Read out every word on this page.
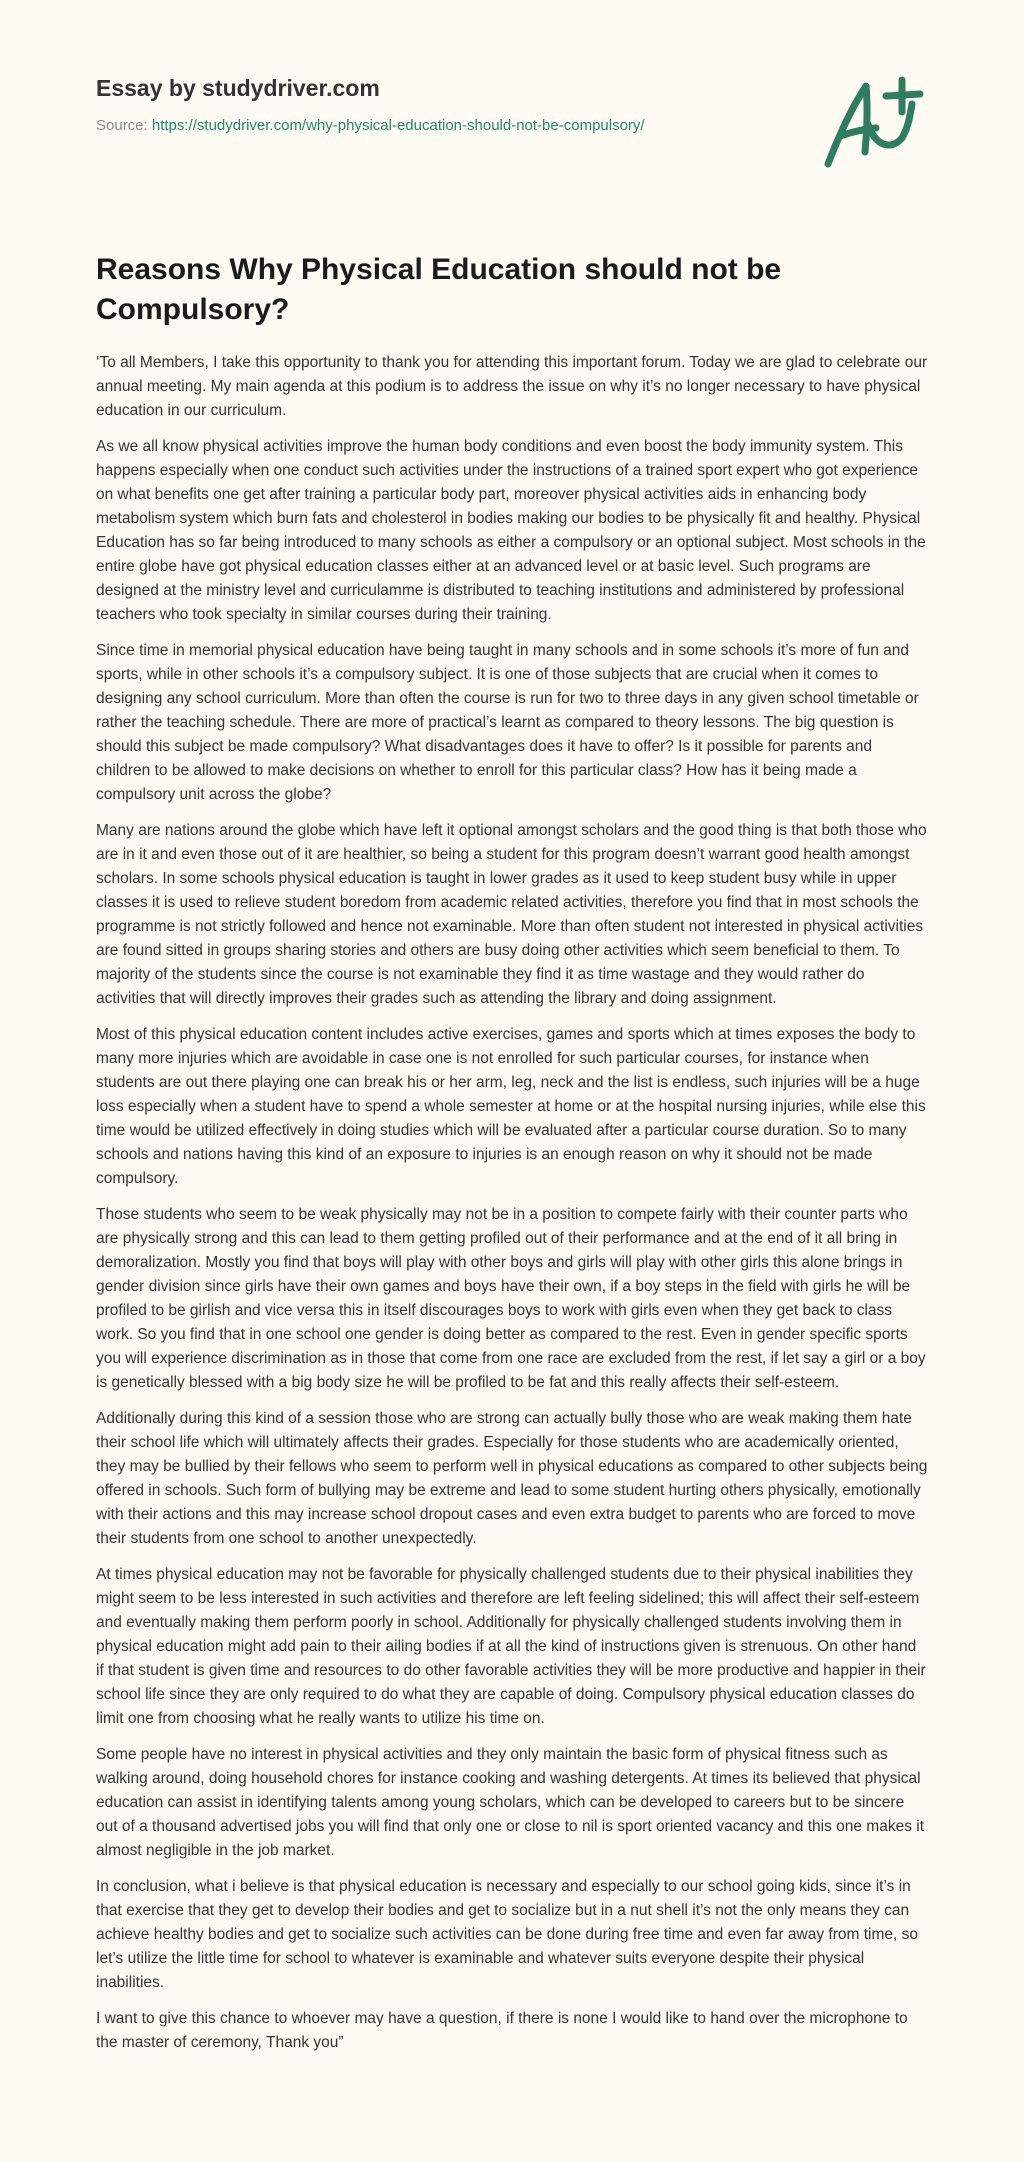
Essay by studydriver.com
Source: https://studydriver.com/why-physical-education-should-not-be-compulsory/
Reasons Why Physical Education should not be Compulsory?

‘To all Members, I take this opportunity to thank you for attending this important forum. Today we are glad to celebrate our annual meeting. My main agenda at this podium is to address the issue on why it’s no longer necessary to have physical education in our curriculum.

As we all know physical activities improve the human body conditions and even boost the body immunity system. This happens especially when one conduct such activities under the instructions of a trained sport expert who got experience on what benefits one get after training a particular body part, moreover physical activities aids in enhancing body metabolism system which burn fats and cholesterol in bodies making our bodies to be physically fit and healthy. Physical Education has so far being introduced to many schools as either a compulsory or an optional subject. Most schools in the entire globe have got physical education classes either at an advanced level or at basic level. Such programs are designed at the ministry level and curriculamme is distributed to teaching institutions and administered by professional teachers who took specialty in similar courses during their training.

Since time in memorial physical education have being taught in many schools and in some schools it’s more of fun and sports, while in other schools it’s a compulsory subject. It is one of those subjects that are crucial when it comes to designing any school curriculum. More than often the course is run for two to three days in any given school timetable or rather the teaching schedule. There are more of practical’s learnt as compared to theory lessons. The big question is should this subject be made compulsory? What disadvantages does it have to offer? Is it possible for parents and children to be allowed to make decisions on whether to enroll for this particular class? How has it being made a compulsory unit across the globe?

Many are nations around the globe which have left it optional amongst scholars and the good thing is that both those who are in it and even those out of it are healthier, so being a student for this program doesn’t warrant good health amongst scholars. In some schools physical education is taught in lower grades as it used to keep student busy while in upper classes it is used to relieve student boredom from academic related activities, therefore you find that in most schools the programme is not strictly followed and hence not examinable. More than often student not interested in physical activities are found sitted in groups sharing stories and others are busy doing other activities which seem beneficial to them. To majority of the students since the course is not examinable they find it as time wastage and they would rather do activities that will directly improves their grades such as attending the library and doing assignment.

Most of this physical education content includes active exercises, games and sports which at times exposes the body to many more injuries which are avoidable in case one is not enrolled for such particular courses, for instance when students are out there playing one can break his or her arm, leg, neck and the list is endless, such injuries will be a huge loss especially when a student have to spend a whole semester at home or at the hospital nursing injuries, while else this time would be utilized effectively in doing studies which will be evaluated after a particular course duration. So to many schools and nations having this kind of an exposure to injuries is an enough reason on why it should not be made compulsory.

Those students who seem to be weak physically may not be in a position to compete fairly with their counter parts who are physically strong and this can lead to them getting profiled out of their performance and at the end of it all bring in demoralization. Mostly you find that boys will play with other boys and girls will play with other girls this alone brings in gender division since girls have their own games and boys have their own, if a boy steps in the field with girls he will be profiled to be girlish and vice versa this in itself discourages boys to work with girls even when they get back to class work. So you find that in one school one gender is doing better as compared to the rest. Even in gender specific sports you will experience discrimination as in those that come from one race are excluded from the rest, if let say a girl or a boy is genetically blessed with a big body size he will be profiled to be fat and this really affects their self-esteem.

Additionally during this kind of a session those who are strong can actually bully those who are weak making them hate their school life which will ultimately affects their grades. Especially for those students who are academically oriented, they may be bullied by their fellows who seem to perform well in physical educations as compared to other subjects being offered in schools. Such form of bullying may be extreme and lead to some student hurting others physically, emotionally with their actions and this may increase school dropout cases and even extra budget to parents who are forced to move their students from one school to another unexpectedly.

At times physical education may not be favorable for physically challenged students due to their physical inabilities they might seem to be less interested in such activities and therefore are left feeling sidelined; this will affect their self-esteem and eventually making them perform poorly in school. Additionally for physically challenged students involving them in physical education might add pain to their ailing bodies if at all the kind of instructions given is strenuous. On other hand if that student is given time and resources to do other favorable activities they will be more productive and happier in their school life since they are only required to do what they are capable of doing. Compulsory physical education classes do limit one from choosing what he really wants to utilize his time on.

Some people have no interest in physical activities and they only maintain the basic form of physical fitness such as walking around, doing household chores for instance cooking and washing detergents. At times its believed that physical education can assist in identifying talents among young scholars, which can be developed to careers but to be sincere out of a thousand advertised jobs you will find that only one or close to nil is sport oriented vacancy and this one makes it almost negligible in the job market.

In conclusion, what i believe is that physical education is necessary and especially to our school going kids, since it’s in that exercise that they get to develop their bodies and get to socialize but in a nut shell it’s not the only means they can achieve healthy bodies and get to socialize such activities can be done during free time and even far away from time, so let’s utilize the little time for school to whatever is examinable and whatever suits everyone despite their physical inabilities.

I want to give this chance to whoever may have a question, if there is none I would like to hand over the microphone to the master of ceremony, Thank you”
